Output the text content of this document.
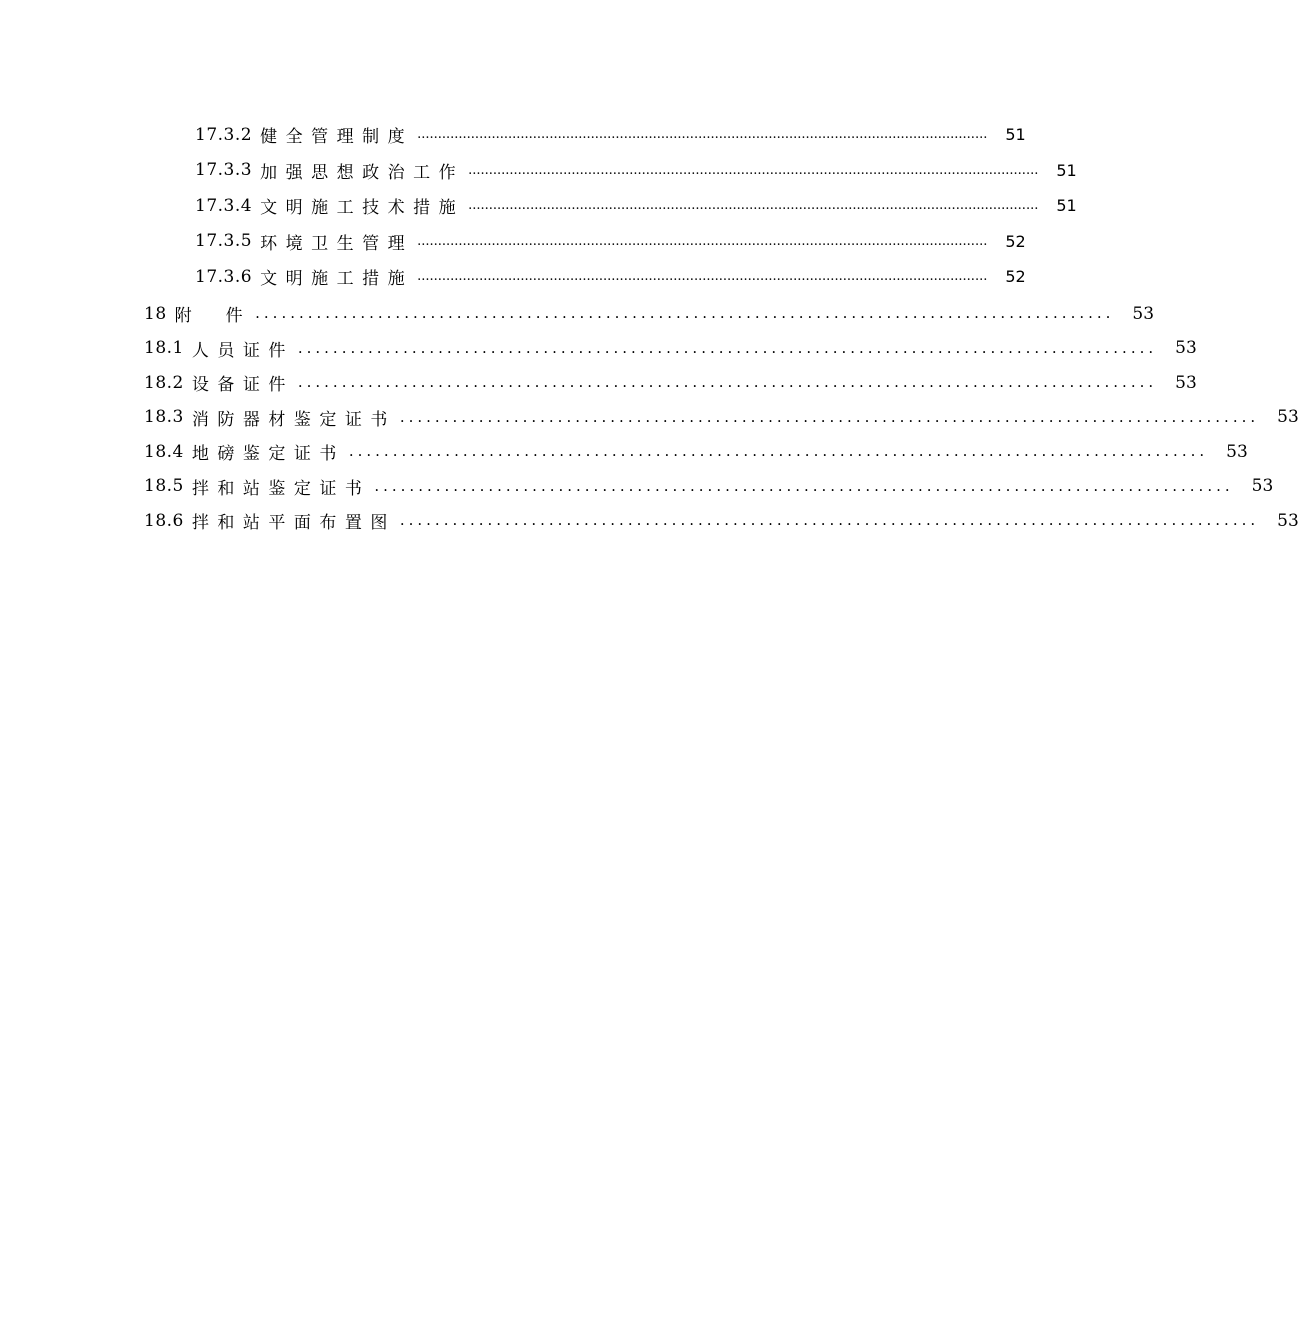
17.3.2 健全管理制度 .......................................................................................................................................... 51
17.3.3 加强思想政治工作 .......................................................................................................................................... 51
17.3.4 文明施工技术措施 .......................................................................................................................................... 51
17.3.5 环境卫生管理 .......................................................................................................................................... 52
17.3.6 文明施工措施 .......................................................................................................................................... 52
18 附　件 .................................................................................................. 53
18.1 人员证件 .................................................................................................. 53
18.2 设备证件 .................................................................................................. 53
18.3 消防器材鉴定证书 .................................................................................................. 53
18.4 地磅鉴定证书 .................................................................................................. 53
18.5 拌和站鉴定证书 .................................................................................................. 53
18.6 拌和站平面布置图 .................................................................................................. 53
